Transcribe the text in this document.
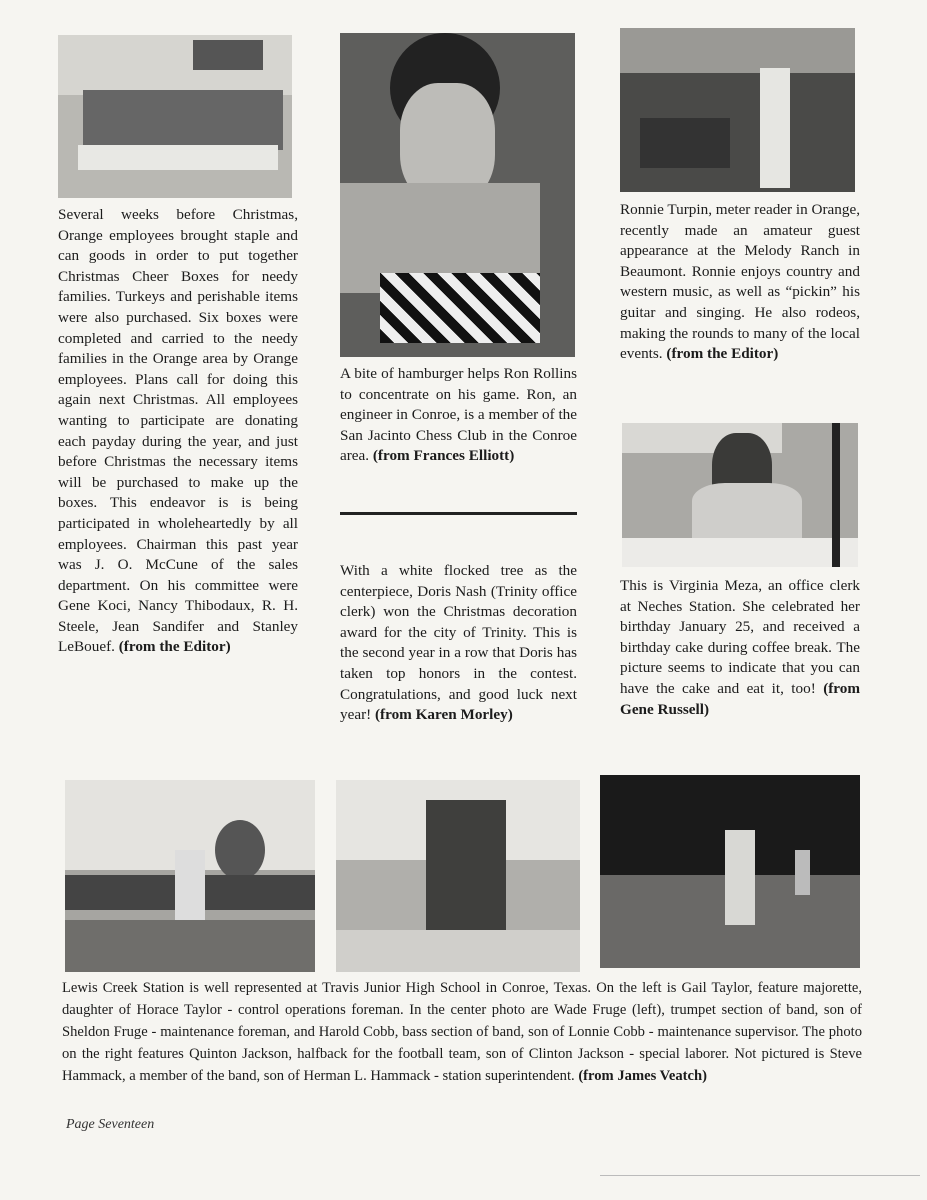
Several weeks before Christmas, Orange employees brought staple and can goods in order to put together Christmas Cheer Boxes for needy families. Turkeys and perishable items were also purchased. Six boxes were completed and carried to the needy families in the Orange area by Orange employees. Plans call for doing this again next Christmas. All employees wanting to participate are donating each payday during the year, and just before Christmas the necessary items will be purchased to make up the boxes. This endeavor is is being participated in wholeheartedly by all employees. Chairman this past year was J. O. McCune of the sales department. On his committee were Gene Koci, Nancy Thibodaux, R. H. Steele, Jean Sandifer and Stanley LeBouef. (from the Editor)
A bite of hamburger helps Ron Rollins to concentrate on his game. Ron, an engineer in Conroe, is a member of the San Jacinto Chess Club in the Conroe area. (from Frances Elliott)
With a white flocked tree as the centerpiece, Doris Nash (Trinity office clerk) won the Christmas decoration award for the city of Trinity. This is the second year in a row that Doris has taken top honors in the contest. Congratulations, and good luck next year! (from Karen Morley)
Ronnie Turpin, meter reader in Orange, recently made an amateur guest appearance at the Melody Ranch in Beaumont. Ronnie enjoys country and western music, as well as “pickin” his guitar and singing. He also rodeos, making the rounds to many of the local events. (from the Editor)
This is Virginia Meza, an office clerk at Neches Station. She celebrated her birthday January 25, and received a birthday cake during coffee break. The picture seems to indicate that you can have the cake and eat it, too! (from Gene Russell)
Lewis Creek Station is well represented at Travis Junior High School in Conroe, Texas. On the left is Gail Taylor, feature majorette, daughter of Horace Taylor - control operations foreman. In the center photo are Wade Fruge (left), trumpet section of band, son of Sheldon Fruge - maintenance foreman, and Harold Cobb, bass section of band, son of Lonnie Cobb - maintenance supervisor. The photo on the right features Quinton Jackson, halfback for the football team, son of Clinton Jackson - special laborer. Not pictured is Steve Hammack, a member of the band, son of Herman L. Hammack - station superintendent. (from James Veatch)
Page Seventeen
